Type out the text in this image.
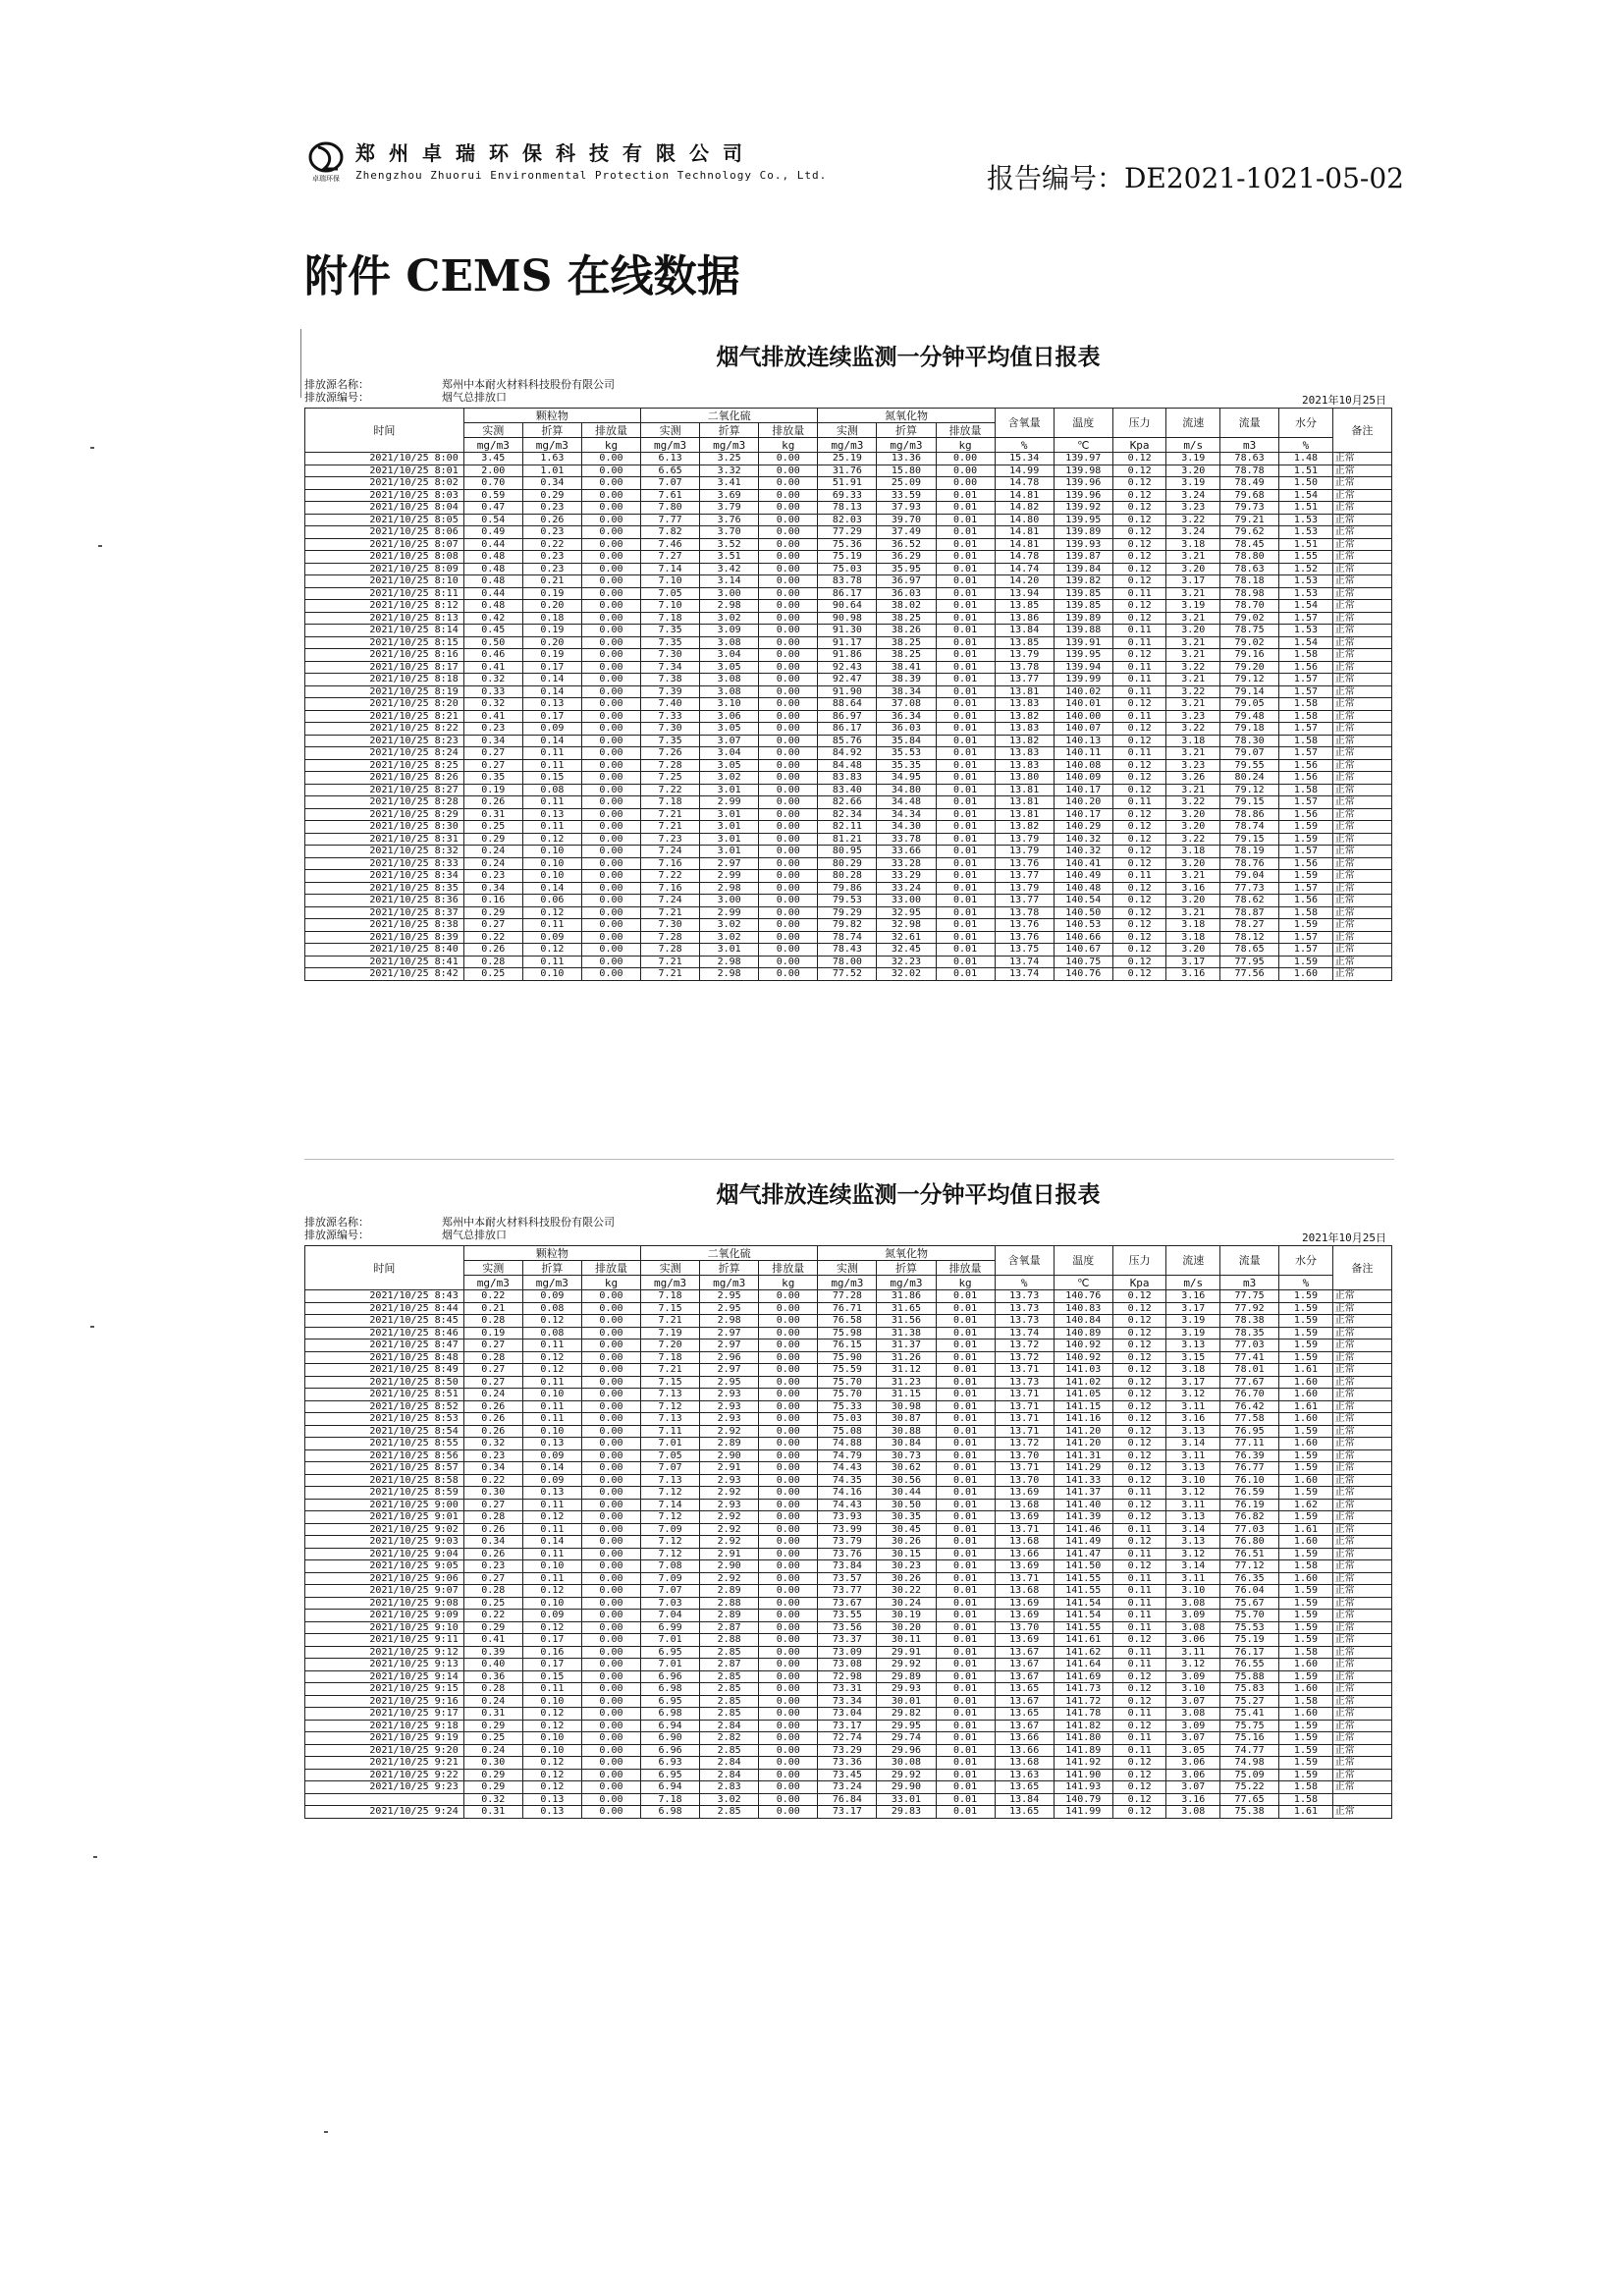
卓瑞环保
郑州卓瑞环保科技有限公司
Zhengzhou Zhuorui Environmental Protection Technology Co., Ltd.	报告编号：DE2021-1021-05-02
附件 CEMS 在线数据
烟气排放连续监测一分钟平均值日报表
排放源名称：	郑州中本耐火材料科技股份有限公司
排放源编号：	烟气总排放口	2021年10月25日
时间	颗粒物			二氧化硫			氮氧化物			含氧量	温度	压力	流速	流量	水分	备注
	实测	折算	排放量	实测	折算	排放量	实测	折算	排放量							
	mg/m3	mg/m3	kg	mg/m3	mg/m3	kg	mg/m3	mg/m3	kg	%	℃	Kpa	m/s	m3	%	
2021/10/25 8:00	3.45	1.63	0.00	6.13	3.25	0.00	25.19	13.36	0.00	15.34	139.97	0.12	3.19	78.63	1.48	正常
2021/10/25 8:01	2.00	1.01	0.00	6.65	3.32	0.00	31.76	15.80	0.00	14.99	139.98	0.12	3.20	78.78	1.51	正常
2021/10/25 8:02	0.70	0.34	0.00	7.07	3.41	0.00	51.91	25.09	0.00	14.78	139.96	0.12	3.19	78.49	1.50	正常
2021/10/25 8:03	0.59	0.29	0.00	7.61	3.69	0.00	69.33	33.59	0.01	14.81	139.96	0.12	3.24	79.68	1.54	正常
2021/10/25 8:04	0.47	0.23	0.00	7.80	3.79	0.00	78.13	37.93	0.01	14.82	139.92	0.12	3.23	79.73	1.51	正常
2021/10/25 8:05	0.54	0.26	0.00	7.77	3.76	0.00	82.03	39.70	0.01	14.80	139.95	0.12	3.22	79.21	1.53	正常
2021/10/25 8:06	0.49	0.23	0.00	7.82	3.70	0.00	77.29	37.49	0.01	14.81	139.89	0.12	3.24	79.62	1.53	正常
2021/10/25 8:07	0.44	0.22	0.00	7.46	3.52	0.00	75.36	36.52	0.01	14.81	139.93	0.12	3.18	78.45	1.51	正常
2021/10/25 8:08	0.48	0.23	0.00	7.27	3.51	0.00	75.19	36.29	0.01	14.78	139.87	0.12	3.21	78.80	1.55	正常
2021/10/25 8:09	0.48	0.23	0.00	7.14	3.42	0.00	75.03	35.95	0.01	14.74	139.84	0.12	3.20	78.63	1.52	正常
2021/10/25 8:10	0.48	0.21	0.00	7.10	3.14	0.00	83.78	36.97	0.01	14.20	139.82	0.12	3.17	78.18	1.53	正常
2021/10/25 8:11	0.44	0.19	0.00	7.05	3.00	0.00	86.17	36.03	0.01	13.94	139.85	0.11	3.21	78.98	1.53	正常
2021/10/25 8:12	0.48	0.20	0.00	7.10	2.98	0.00	90.64	38.02	0.01	13.85	139.85	0.12	3.19	78.70	1.54	正常
2021/10/25 8:13	0.42	0.18	0.00	7.18	3.02	0.00	90.98	38.25	0.01	13.86	139.89	0.12	3.21	79.02	1.57	正常
2021/10/25 8:14	0.45	0.19	0.00	7.35	3.09	0.00	91.30	38.26	0.01	13.84	139.88	0.11	3.20	78.75	1.53	正常
2021/10/25 8:15	0.50	0.20	0.00	7.35	3.08	0.00	91.17	38.25	0.01	13.85	139.91	0.11	3.21	79.02	1.54	正常
2021/10/25 8:16	0.46	0.19	0.00	7.30	3.04	0.00	91.86	38.25	0.01	13.79	139.95	0.12	3.21	79.16	1.58	正常
2021/10/25 8:17	0.41	0.17	0.00	7.34	3.05	0.00	92.43	38.41	0.01	13.78	139.94	0.11	3.22	79.20	1.56	正常
2021/10/25 8:18	0.32	0.14	0.00	7.38	3.08	0.00	92.47	38.39	0.01	13.77	139.99	0.11	3.21	79.12	1.57	正常
2021/10/25 8:19	0.33	0.14	0.00	7.39	3.08	0.00	91.90	38.34	0.01	13.81	140.02	0.11	3.22	79.14	1.57	正常
2021/10/25 8:20	0.32	0.13	0.00	7.40	3.10	0.00	88.64	37.08	0.01	13.83	140.01	0.12	3.21	79.05	1.58	正常
2021/10/25 8:21	0.41	0.17	0.00	7.33	3.06	0.00	86.97	36.34	0.01	13.82	140.00	0.11	3.23	79.48	1.58	正常
2021/10/25 8:22	0.23	0.09	0.00	7.30	3.05	0.00	86.17	36.03	0.01	13.83	140.07	0.12	3.22	79.18	1.57	正常
2021/10/25 8:23	0.34	0.14	0.00	7.35	3.07	0.00	85.76	35.84	0.01	13.82	140.13	0.12	3.18	78.30	1.58	正常
2021/10/25 8:24	0.27	0.11	0.00	7.26	3.04	0.00	84.92	35.53	0.01	13.83	140.11	0.11	3.21	79.07	1.57	正常
2021/10/25 8:25	0.27	0.11	0.00	7.28	3.05	0.00	84.48	35.35	0.01	13.83	140.08	0.12	3.23	79.55	1.56	正常
2021/10/25 8:26	0.35	0.15	0.00	7.25	3.02	0.00	83.83	34.95	0.01	13.80	140.09	0.12	3.26	80.24	1.56	正常
2021/10/25 8:27	0.19	0.08	0.00	7.22	3.01	0.00	83.40	34.80	0.01	13.81	140.17	0.12	3.21	79.12	1.58	正常
2021/10/25 8:28	0.26	0.11	0.00	7.18	2.99	0.00	82.66	34.48	0.01	13.81	140.20	0.11	3.22	79.15	1.57	正常
2021/10/25 8:29	0.31	0.13	0.00	7.21	3.01	0.00	82.34	34.34	0.01	13.81	140.17	0.12	3.20	78.86	1.56	正常
2021/10/25 8:30	0.25	0.11	0.00	7.21	3.01	0.00	82.11	34.30	0.01	13.82	140.29	0.12	3.20	78.74	1.59	正常
2021/10/25 8:31	0.29	0.12	0.00	7.23	3.01	0.00	81.21	33.78	0.01	13.79	140.32	0.12	3.22	79.15	1.59	正常
2021/10/25 8:32	0.24	0.10	0.00	7.24	3.01	0.00	80.95	33.66	0.01	13.79	140.32	0.12	3.18	78.19	1.57	正常
2021/10/25 8:33	0.24	0.10	0.00	7.16	2.97	0.00	80.29	33.28	0.01	13.76	140.41	0.12	3.20	78.76	1.56	正常
2021/10/25 8:34	0.23	0.10	0.00	7.22	2.99	0.00	80.28	33.29	0.01	13.77	140.49	0.11	3.21	79.04	1.59	正常
2021/10/25 8:35	0.34	0.14	0.00	7.16	2.98	0.00	79.86	33.24	0.01	13.79	140.48	0.12	3.16	77.73	1.57	正常
2021/10/25 8:36	0.16	0.06	0.00	7.24	3.00	0.00	79.53	33.00	0.01	13.77	140.54	0.12	3.20	78.62	1.56	正常
2021/10/25 8:37	0.29	0.12	0.00	7.21	2.99	0.00	79.29	32.95	0.01	13.78	140.50	0.12	3.21	78.87	1.58	正常
2021/10/25 8:38	0.27	0.11	0.00	7.30	3.02	0.00	79.82	32.98	0.01	13.76	140.53	0.12	3.18	78.27	1.59	正常
2021/10/25 8:39	0.22	0.09	0.00	7.28	3.02	0.00	78.74	32.61	0.01	13.76	140.66	0.12	3.18	78.12	1.57	正常
2021/10/25 8:40	0.26	0.12	0.00	7.28	3.01	0.00	78.43	32.45	0.01	13.75	140.67	0.12	3.20	78.65	1.57	正常
2021/10/25 8:41	0.28	0.11	0.00	7.21	2.98	0.00	78.00	32.23	0.01	13.74	140.75	0.12	3.17	77.95	1.59	正常
2021/10/25 8:42	0.25	0.10	0.00	7.21	2.98	0.00	77.52	32.02	0.01	13.74	140.76	0.12	3.16	77.56	1.60	正常
烟气排放连续监测一分钟平均值日报表
排放源名称：	郑州中本耐火材料科技股份有限公司
排放源编号：	烟气总排放口	2021年10月25日
时间	颗粒物			二氧化硫			氮氧化物			含氧量	温度	压力	流速	流量	水分	备注
	实测	折算	排放量	实测	折算	排放量	实测	折算	排放量							
	mg/m3	mg/m3	kg	mg/m3	mg/m3	kg	mg/m3	mg/m3	kg	%	℃	Kpa	m/s	m3	%	
2021/10/25 8:43	0.22	0.09	0.00	7.18	2.95	0.00	77.28	31.86	0.01	13.73	140.76	0.12	3.16	77.75	1.59	正常
2021/10/25 8:44	0.21	0.08	0.00	7.15	2.95	0.00	76.71	31.65	0.01	13.73	140.83	0.12	3.17	77.92	1.59	正常
2021/10/25 8:45	0.28	0.12	0.00	7.21	2.98	0.00	76.58	31.56	0.01	13.73	140.84	0.12	3.19	78.38	1.59	正常
2021/10/25 8:46	0.19	0.08	0.00	7.19	2.97	0.00	75.98	31.38	0.01	13.74	140.89	0.12	3.19	78.35	1.59	正常
2021/10/25 8:47	0.27	0.11	0.00	7.20	2.97	0.00	76.15	31.37	0.01	13.72	140.92	0.12	3.13	77.03	1.59	正常
2021/10/25 8:48	0.28	0.12	0.00	7.18	2.96	0.00	75.90	31.26	0.01	13.72	140.92	0.12	3.15	77.41	1.59	正常
2021/10/25 8:49	0.27	0.12	0.00	7.21	2.97	0.00	75.59	31.12	0.01	13.71	141.03	0.12	3.18	78.01	1.61	正常
2021/10/25 8:50	0.27	0.11	0.00	7.15	2.95	0.00	75.70	31.23	0.01	13.73	141.02	0.12	3.17	77.67	1.60	正常
2021/10/25 8:51	0.24	0.10	0.00	7.13	2.93	0.00	75.70	31.15	0.01	13.71	141.05	0.12	3.12	76.70	1.60	正常
2021/10/25 8:52	0.26	0.11	0.00	7.12	2.93	0.00	75.33	30.98	0.01	13.71	141.15	0.12	3.11	76.42	1.61	正常
2021/10/25 8:53	0.26	0.11	0.00	7.13	2.93	0.00	75.03	30.87	0.01	13.71	141.16	0.12	3.16	77.58	1.60	正常
2021/10/25 8:54	0.26	0.10	0.00	7.11	2.92	0.00	75.08	30.88	0.01	13.71	141.20	0.12	3.13	76.95	1.59	正常
2021/10/25 8:55	0.32	0.13	0.00	7.01	2.89	0.00	74.88	30.84	0.01	13.72	141.20	0.12	3.14	77.11	1.60	正常
2021/10/25 8:56	0.23	0.09	0.00	7.05	2.90	0.00	74.79	30.73	0.01	13.70	141.31	0.12	3.11	76.39	1.59	正常
2021/10/25 8:57	0.34	0.14	0.00	7.07	2.91	0.00	74.43	30.62	0.01	13.71	141.29	0.12	3.13	76.77	1.59	正常
2021/10/25 8:58	0.22	0.09	0.00	7.13	2.93	0.00	74.35	30.56	0.01	13.70	141.33	0.12	3.10	76.10	1.60	正常
2021/10/25 8:59	0.30	0.13	0.00	7.12	2.92	0.00	74.16	30.44	0.01	13.69	141.37	0.11	3.12	76.59	1.59	正常
2021/10/25 9:00	0.27	0.11	0.00	7.14	2.93	0.00	74.43	30.50	0.01	13.68	141.40	0.12	3.11	76.19	1.62	正常
2021/10/25 9:01	0.28	0.12	0.00	7.12	2.92	0.00	73.93	30.35	0.01	13.69	141.39	0.12	3.13	76.82	1.59	正常
2021/10/25 9:02	0.26	0.11	0.00	7.09	2.92	0.00	73.99	30.45	0.01	13.71	141.46	0.11	3.14	77.03	1.61	正常
2021/10/25 9:03	0.34	0.14	0.00	7.12	2.92	0.00	73.79	30.26	0.01	13.68	141.49	0.12	3.13	76.80	1.60	正常
2021/10/25 9:04	0.26	0.11	0.00	7.12	2.91	0.00	73.76	30.15	0.01	13.66	141.47	0.11	3.12	76.51	1.59	正常
2021/10/25 9:05	0.23	0.10	0.00	7.08	2.90	0.00	73.84	30.23	0.01	13.69	141.50	0.12	3.14	77.12	1.58	正常
2021/10/25 9:06	0.27	0.11	0.00	7.09	2.92	0.00	73.57	30.26	0.01	13.71	141.55	0.11	3.11	76.35	1.60	正常
2021/10/25 9:07	0.28	0.12	0.00	7.07	2.89	0.00	73.77	30.22	0.01	13.68	141.55	0.11	3.10	76.04	1.59	正常
2021/10/25 9:08	0.25	0.10	0.00	7.03	2.88	0.00	73.67	30.24	0.01	13.69	141.54	0.11	3.08	75.67	1.59	正常
2021/10/25 9:09	0.22	0.09	0.00	7.04	2.89	0.00	73.55	30.19	0.01	13.69	141.54	0.11	3.09	75.70	1.59	正常
2021/10/25 9:10	0.29	0.12	0.00	6.99	2.87	0.00	73.56	30.20	0.01	13.70	141.55	0.11	3.08	75.53	1.59	正常
2021/10/25 9:11	0.41	0.17	0.00	7.01	2.88	0.00	73.37	30.11	0.01	13.69	141.61	0.12	3.06	75.19	1.59	正常
2021/10/25 9:12	0.39	0.16	0.00	6.95	2.85	0.00	73.09	29.91	0.01	13.67	141.62	0.11	3.11	76.17	1.58	正常
2021/10/25 9:13	0.40	0.17	0.00	7.01	2.87	0.00	73.08	29.92	0.01	13.67	141.64	0.11	3.12	76.55	1.60	正常
2021/10/25 9:14	0.36	0.15	0.00	6.96	2.85	0.00	72.98	29.89	0.01	13.67	141.69	0.12	3.09	75.88	1.59	正常
2021/10/25 9:15	0.28	0.11	0.00	6.98	2.85	0.00	73.31	29.93	0.01	13.65	141.73	0.12	3.10	75.83	1.60	正常
2021/10/25 9:16	0.24	0.10	0.00	6.95	2.85	0.00	73.34	30.01	0.01	13.67	141.72	0.12	3.07	75.27	1.58	正常
2021/10/25 9:17	0.31	0.12	0.00	6.98	2.85	0.00	73.04	29.82	0.01	13.65	141.78	0.11	3.08	75.41	1.60	正常
2021/10/25 9:18	0.29	0.12	0.00	6.94	2.84	0.00	73.17	29.95	0.01	13.67	141.82	0.12	3.09	75.75	1.59	正常
2021/10/25 9:19	0.25	0.10	0.00	6.90	2.82	0.00	72.74	29.74	0.01	13.66	141.80	0.11	3.07	75.16	1.59	正常
2021/10/25 9:20	0.24	0.10	0.00	6.96	2.85	0.00	73.29	29.96	0.01	13.66	141.89	0.11	3.05	74.77	1.59	正常
2021/10/25 9:21	0.30	0.12	0.00	6.93	2.84	0.00	73.36	30.08	0.01	13.68	141.92	0.12	3.06	74.98	1.59	正常
2021/10/25 9:22	0.29	0.12	0.00	6.95	2.84	0.00	73.45	29.92	0.01	13.63	141.90	0.12	3.06	75.09	1.59	正常
2021/10/25 9:23	0.29	0.12	0.00	6.94	2.83	0.00	73.24	29.90	0.01	13.65	141.93	0.12	3.07	75.22	1.58	正常
	0.32	0.13	0.00	7.18	3.02	0.00	76.84	33.01	0.01	13.84	140.79	0.12	3.16	77.65	1.58	
2021/10/25 9:24	0.31	0.13	0.00	6.98	2.85	0.00	73.17	29.83	0.01	13.65	141.99	0.12	3.08	75.38	1.61	正常
